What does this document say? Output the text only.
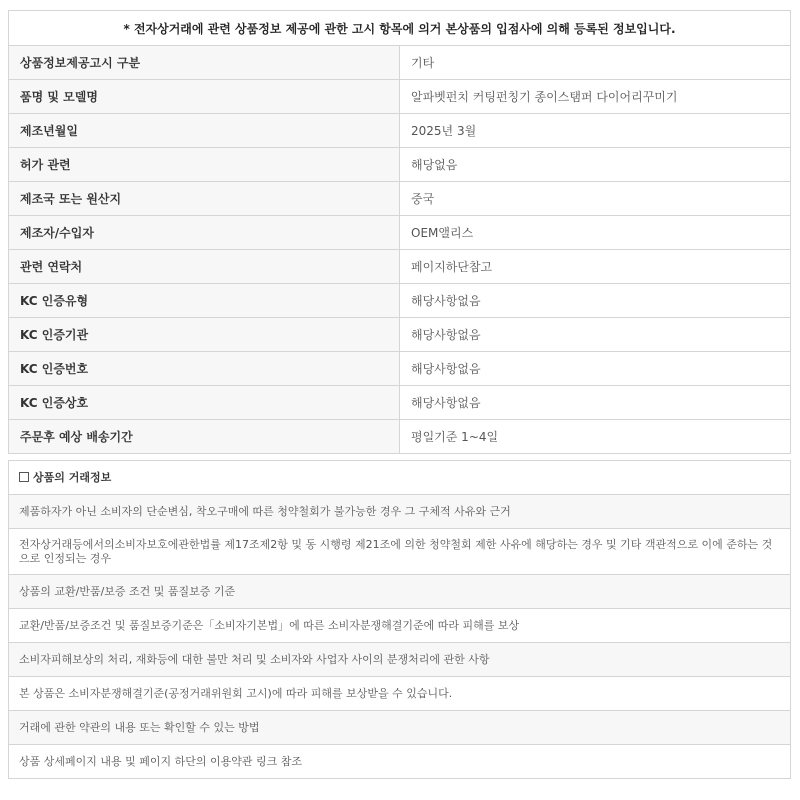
* 전자상거래에 관련 상품정보 제공에 관한 고시 항목에 의거 본상품의 입점사에 의해 등록된 정보입니다.	
상품정보제공고시 구분	기타
품명 및 모델명	알파벳펀치 커팅펀칭기 종이스탬퍼 다이어리꾸미기
제조년월일	2025년 3월
허가 관련	해당없음
제조국 또는 원산지	중국
제조자/수입자	OEM앨리스
관련 연락처	페이지하단참고
KC 인증유형	해당사항없음
KC 인증기관	해당사항없음
KC 인증번호	해당사항없음
KC 인증상호	해당사항없음
주문후 예상 배송기간	평일기준 1~4일
상품의 거래정보
제품하자가 아닌 소비자의 단순변심, 착오구매에 따른 청약철회가 불가능한 경우 그 구체적 사유와 근거
전자상거래등에서의소비자보호에관한법률 제17조제2항 및 동 시행령 제21조에 의한 청약철회 제한 사유에 해당하는 경우 및 기타 객관적으로 이에 준하는 것으로 인정되는 경우
상품의 교환/반품/보증 조건 및 품질보증 기준
교환/반품/보증조건 및 품질보증기준은「소비자기본법」에 따른 소비자분쟁해결기준에 따라 피해를 보상
소비자피해보상의 처리, 재화등에 대한 불만 처리 및 소비자와 사업자 사이의 분쟁처리에 관한 사항
본 상품은 소비자분쟁해결기준(공정거래위원회 고시)에 따라 피해를 보상받을 수 있습니다.
거래에 관한 약관의 내용 또는 확인할 수 있는 방법
상품 상세페이지 내용 및 페이지 하단의 이용약관 링크 참조
